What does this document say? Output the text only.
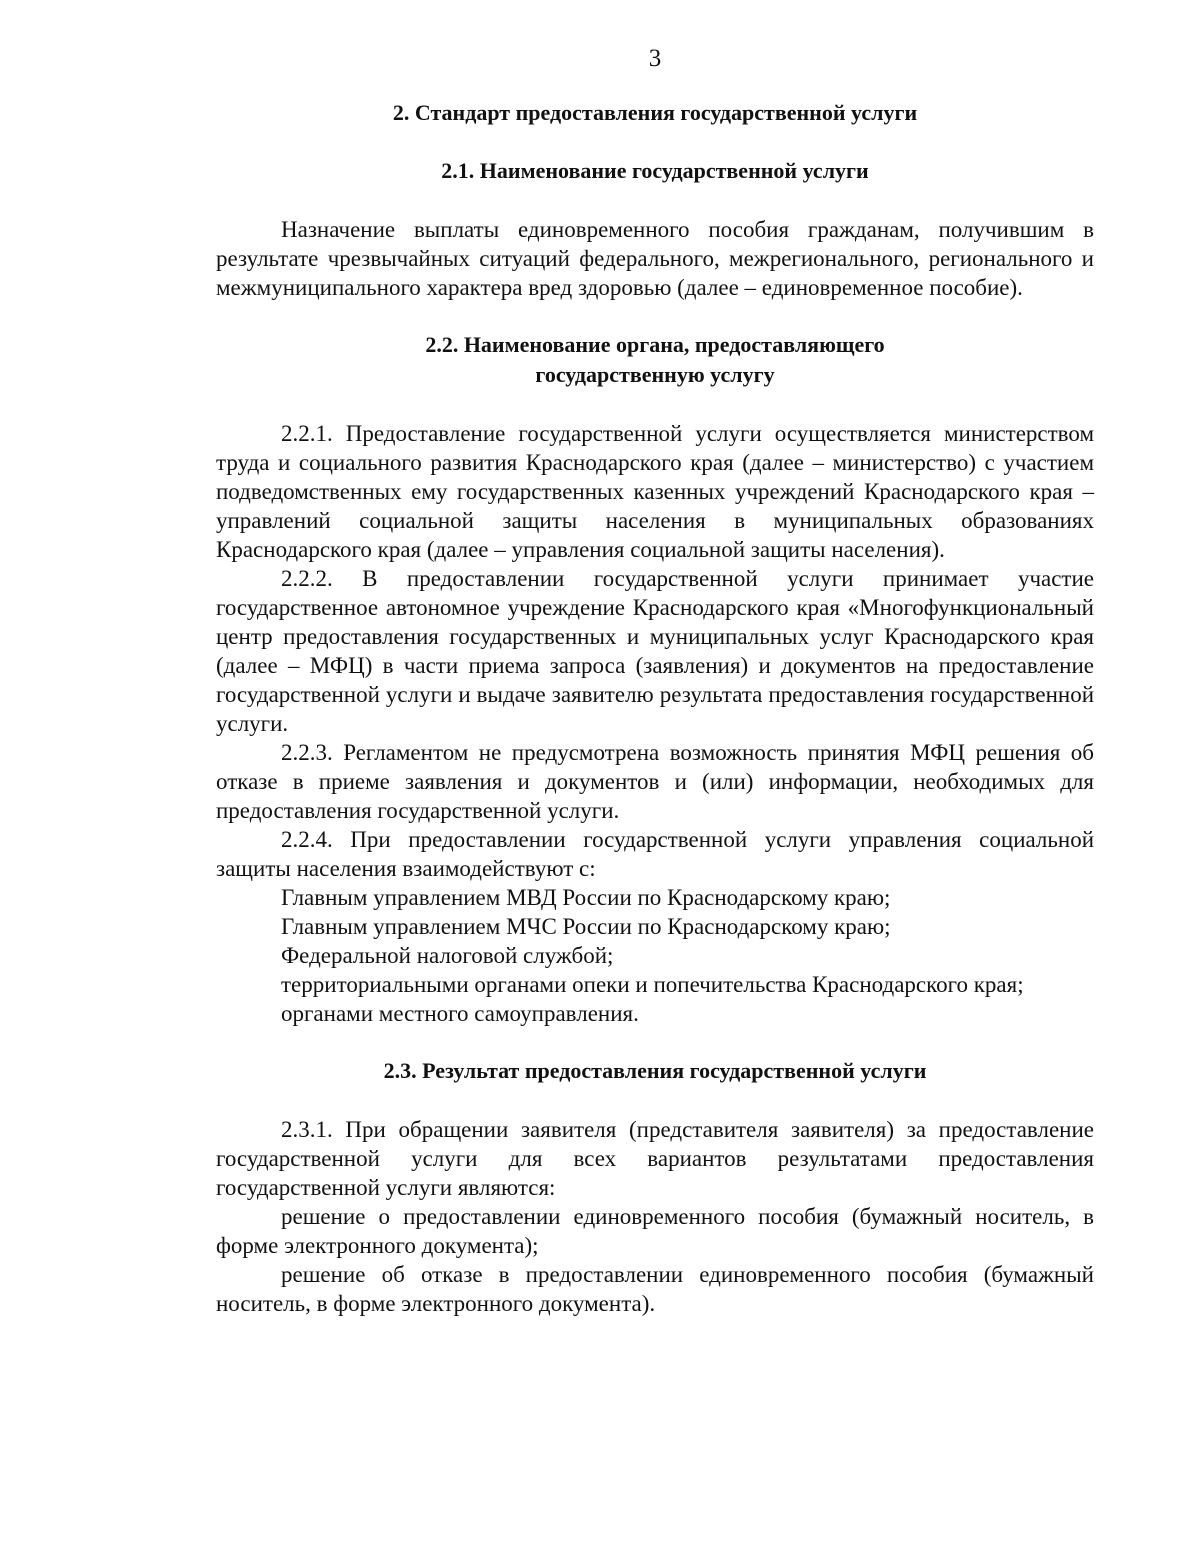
3
2. Стандарт предоставления государственной услуги
2.1. Наименование государственной услуги

Назначение выплаты единовременного пособия гражданам, получившим в результате чрезвычайных ситуаций федерального, межрегионального, регионального и межмуниципального характера вред здоровью (далее – единовременное пособие).

2.2. Наименование органа, предоставляющего
государственную услугу

2.2.1. Предоставление государственной услуги осуществляется министерством труда и социального развития Краснодарского края (далее – министерство) с участием подведомственных ему государственных казенных учреждений Краснодарского края – управлений социальной защиты населения в муниципальных образованиях Краснодарского края (далее – управления социальной защиты населения).

2.2.2. В предоставлении государственной услуги принимает участие государственное автономное учреждение Краснодарского края «Многофункциональный центр предоставления государственных и муниципальных услуг Краснодарского края (далее – МФЦ) в части приема запроса (заявления) и документов на предоставление государственной услуги и выдаче заявителю результата предоставления государственной услуги.

2.2.3. Регламентом не предусмотрена возможность принятия МФЦ решения об отказе в приеме заявления и документов и (или) информации, необходимых для предоставления государственной услуги.

2.2.4. При предоставлении государственной услуги управления социальной защиты населения взаимодействуют с:

Главным управлением МВД России по Краснодарскому краю;

Главным управлением МЧС России по Краснодарскому краю;

Федеральной налоговой службой;

территориальными органами опеки и попечительства Краснодарского края;

органами местного самоуправления.

2.3. Результат предоставления государственной услуги

2.3.1. При обращении заявителя (представителя заявителя) за предоставление государственной услуги для всех вариантов результатами предоставления государственной услуги являются:

решение о предоставлении единовременного пособия (бумажный носитель, в форме электронного документа);

решение об отказе в предоставлении единовременного пособия (бумажный носитель, в форме электронного документа).
